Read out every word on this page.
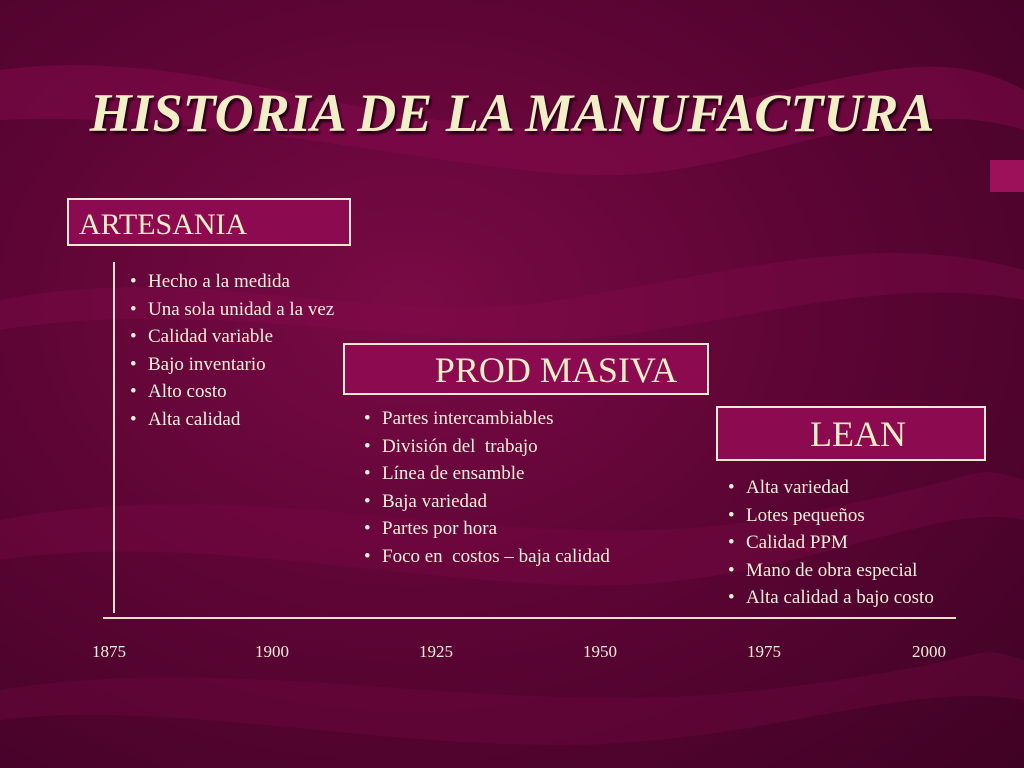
HISTORIA DE LA MANUFACTURA
ARTESANIA
• Hecho a la medida
• Una sola unidad a la vez
• Calidad variable
• Bajo inventario
• Alto costo
• Alta calidad
PROD MASIVA
• Partes intercambiables
• División del  trabajo
• Línea de ensamble
• Baja variedad
• Partes por hora
• Foco en  costos – baja calidad
LEAN
• Alta variedad
• Lotes pequeños
• Calidad PPM
• Mano de obra especial
• Alta calidad a bajo costo
1875	1900	1925	1950	1975	2000
